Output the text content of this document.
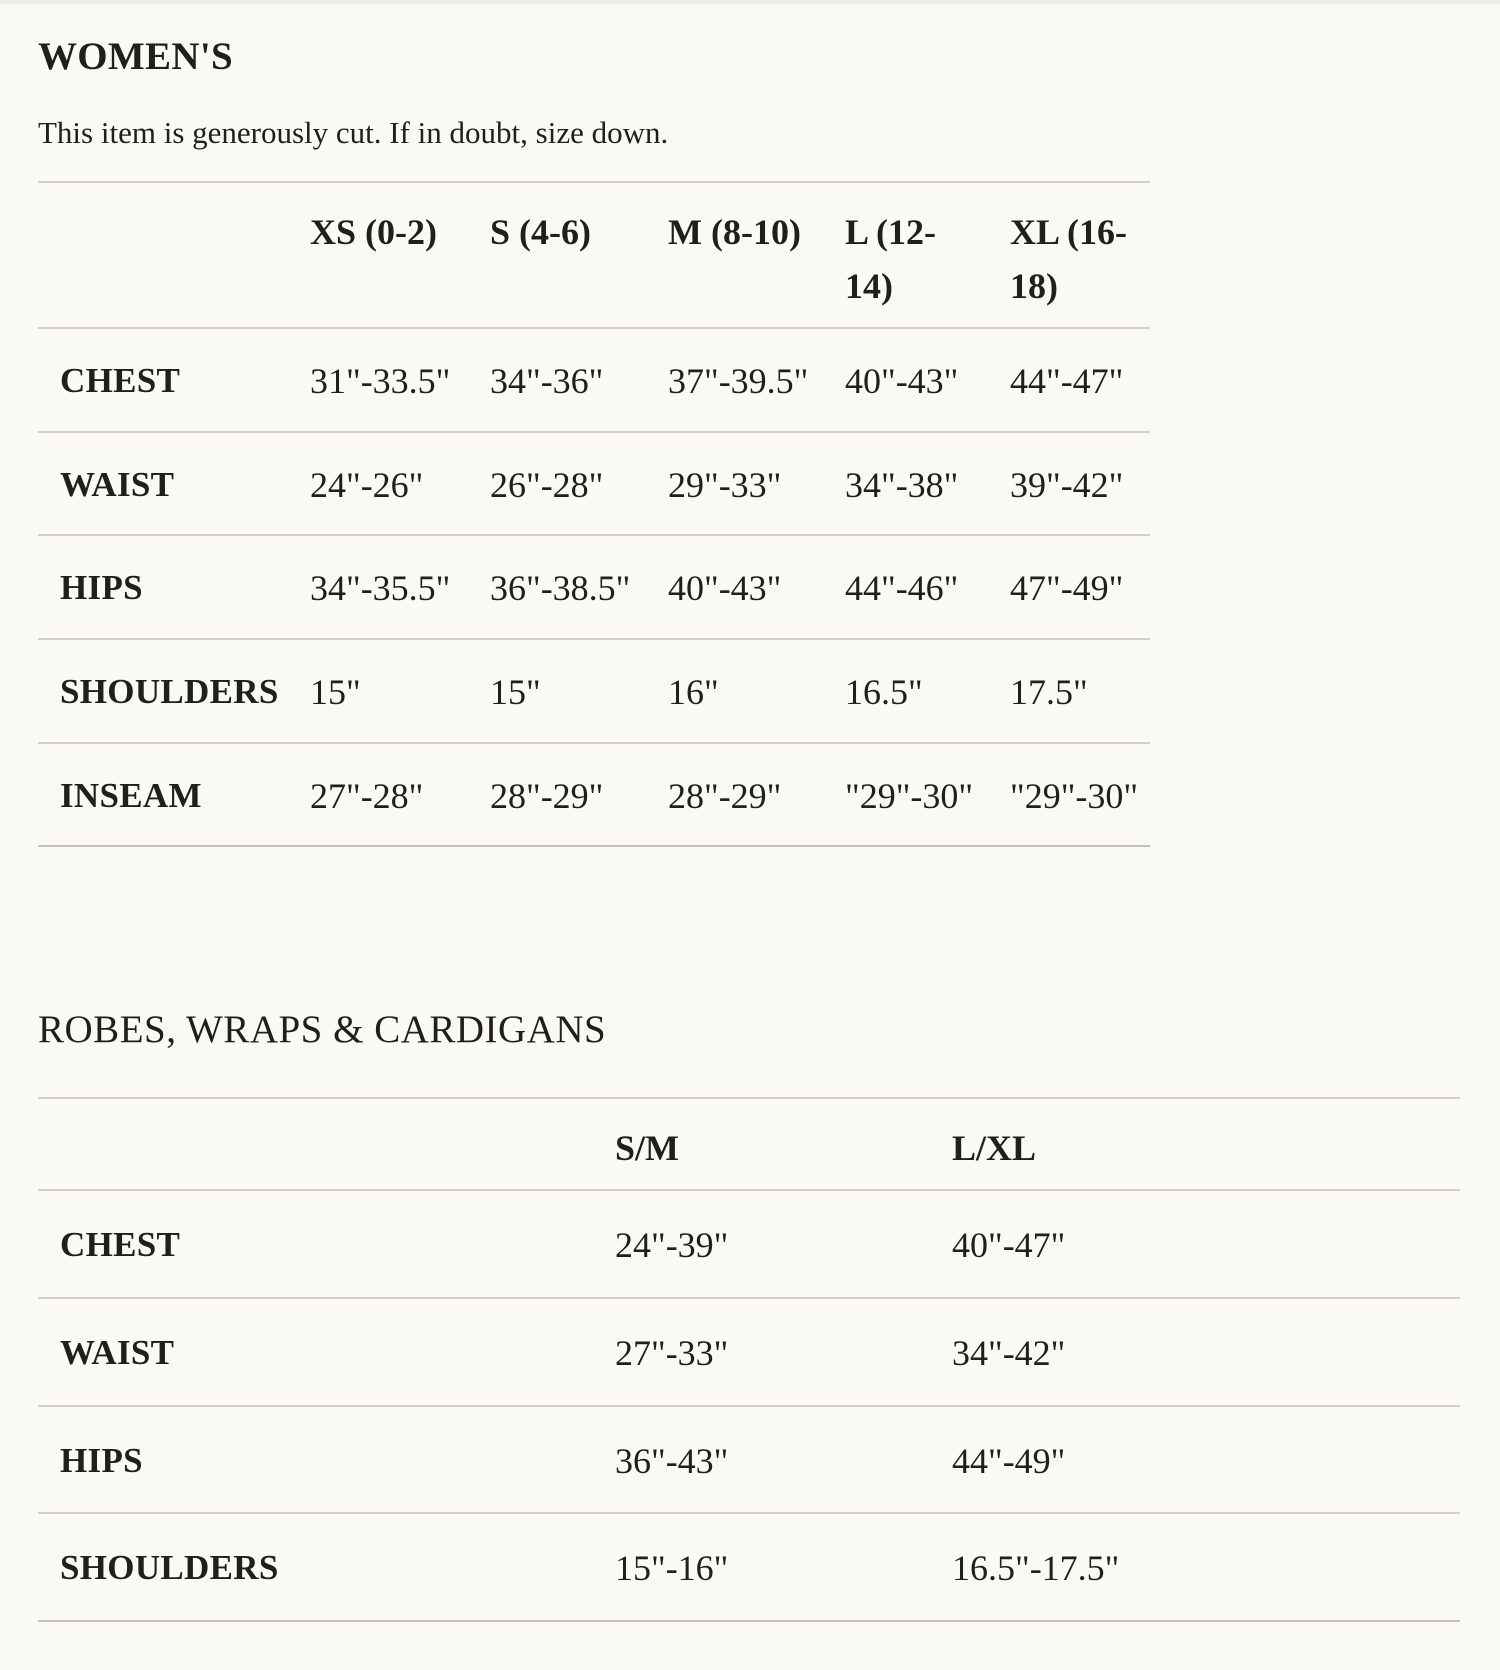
WOMEN'S

This item is generously cut. If in doubt, size down.

	XS (0-2)	S (4-6)	M (8-10)	L (12-
14)	XL (16-
18)
CHEST	31"-33.5"	34"-36"	37"-39.5"	40"-43"	44"-47"
WAIST	24"-26"	26"-28"	29"-33"	34"-38"	39"-42"
HIPS	34"-35.5"	36"-38.5"	40"-43"	44"-46"	47"-49"
SHOULDERS	15"	15"	16"	16.5"	17.5"
INSEAM	27"-28"	28"-29"	28"-29"	"29"-30"	"29"-30"
ROBES, WRAPS & CARDIGANS
	S/M	L/XL
CHEST	24"-39"	40"-47"
WAIST	27"-33"	34"-42"
HIPS	36"-43"	44"-49"
SHOULDERS	15"-16"	16.5"-17.5"
